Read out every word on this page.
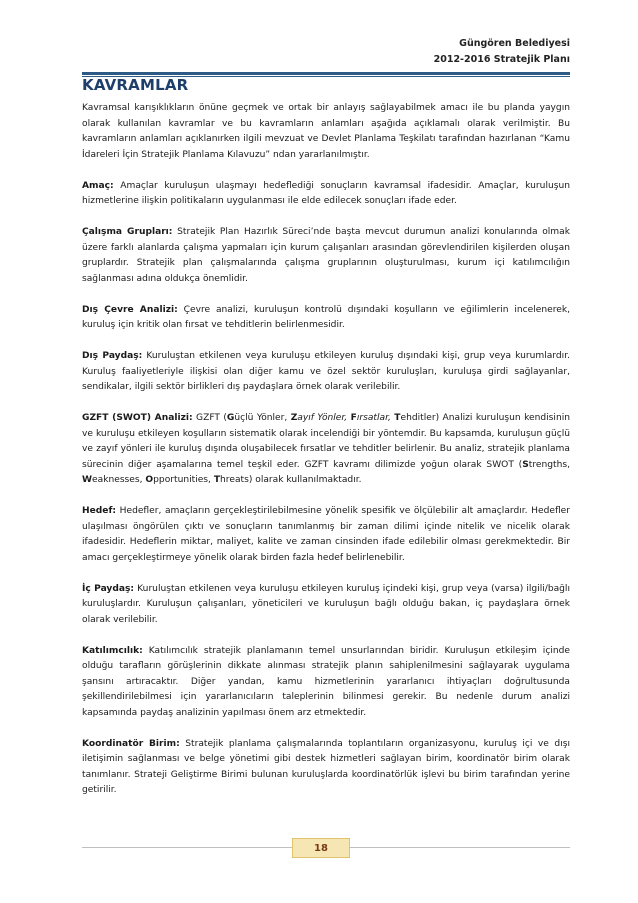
Güngören Belediyesi
2012-2016 Stratejik Planı
KAVRAMLAR

Kavramsal karışıklıkların önüne geçmek ve ortak bir anlayış sağlayabilmek amacı ile bu planda yaygın olarak kullanılan kavramlar ve bu kavramların anlamları aşağıda açıklamalı olarak verilmiştir. Bu kavramların anlamları açıklanırken ilgili mevzuat ve Devlet Planlama Teşkilatı tarafından hazırlanan “Kamu İdareleri İçin Stratejik Planlama Kılavuzu” ndan yararlanılmıştır.

Amaç: Amaçlar kuruluşun ulaşmayı hedeflediği sonuçların kavramsal ifadesidir. Amaçlar, kuruluşun hizmetlerine ilişkin politikaların uygulanması ile elde edilecek sonuçları ifade eder.

Çalışma Grupları: Stratejik Plan Hazırlık Süreci’nde başta mevcut durumun analizi konularında olmak üzere farklı alanlarda çalışma yapmaları için kurum çalışanları arasından görevlendirilen kişilerden oluşan gruplardır. Stratejik plan çalışmalarında çalışma gruplarının oluşturulması, kurum içi katılımcılığın sağlanması adına oldukça önemlidir.

Dış Çevre Analizi: Çevre analizi, kuruluşun kontrolü dışındaki koşulların ve eğilimlerin incelenerek, kuruluş için kritik olan fırsat ve tehditlerin belirlenmesidir.

Dış Paydaş: Kuruluştan etkilenen veya kuruluşu etkileyen kuruluş dışındaki kişi, grup veya kurumlardır. Kuruluş faaliyetleriyle ilişkisi olan diğer kamu ve özel sektör kuruluşları, kuruluşa girdi sağlayanlar, sendikalar, ilgili sektör birlikleri dış paydaşlara örnek olarak verilebilir.

GZFT (SWOT) Analizi: GZFT (Güçlü Yönler, Zayıf Yönler, Fırsatlar, Tehditler) Analizi kuruluşun kendisinin ve kuruluşu etkileyen koşulların sistematik olarak incelendiği bir yöntemdir. Bu kapsamda, kuruluşun güçlü ve zayıf yönleri ile kuruluş dışında oluşabilecek fırsatlar ve tehditler belirlenir. Bu analiz, stratejik planlama sürecinin diğer aşamalarına temel teşkil eder. GZFT kavramı dilimizde yoğun olarak SWOT (Strengths, Weaknesses, Opportunities, Threats) olarak kullanılmaktadır.

Hedef: Hedefler, amaçların gerçekleştirilebilmesine yönelik spesifik ve ölçülebilir alt amaçlardır. Hedefler ulaşılması öngörülen çıktı ve sonuçların tanımlanmış bir zaman dilimi içinde nitelik ve nicelik olarak ifadesidir. Hedeflerin miktar, maliyet, kalite ve zaman cinsinden ifade edilebilir olması gerekmektedir. Bir amacı gerçekleştirmeye yönelik olarak birden fazla hedef belirlenebilir.

İç Paydaş: Kuruluştan etkilenen veya kuruluşu etkileyen kuruluş içindeki kişi, grup veya (varsa) ilgili/bağlı kuruluşlardır. Kuruluşun çalışanları, yöneticileri ve kuruluşun bağlı olduğu bakan, iç paydaşlara örnek olarak verilebilir.

Katılımcılık: Katılımcılık stratejik planlamanın temel unsurlarından biridir. Kuruluşun etkileşim içinde olduğu tarafların görüşlerinin dikkate alınması stratejik planın sahiplenilmesini sağlayarak uygulama şansını artıracaktır. Diğer yandan, kamu hizmetlerinin yararlanıcı ihtiyaçları doğrultusunda şekillendirilebilmesi için yararlanıcıların taleplerinin bilinmesi gerekir. Bu nedenle durum analizi kapsamında paydaş analizinin yapılması önem arz etmektedir.

Koordinatör Birim: Stratejik planlama çalışmalarında toplantıların organizasyonu, kuruluş içi ve dışı iletişimin sağlanması ve belge yönetimi gibi destek hizmetleri sağlayan birim, koordinatör birim olarak tanımlanır. Strateji Geliştirme Birimi bulunan kuruluşlarda koordinatörlük işlevi bu birim tarafından yerine getirilir.

18
